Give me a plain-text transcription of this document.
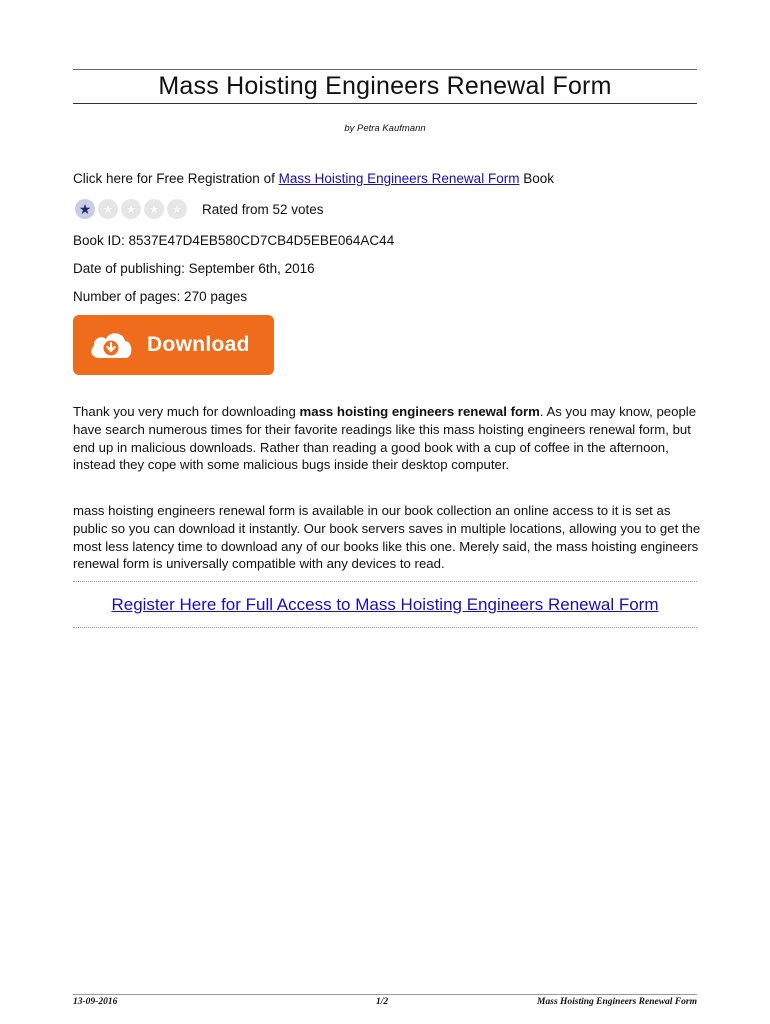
Mass Hoisting Engineers Renewal Form
by Petra Kaufmann
Click here for Free Registration of Mass Hoisting Engineers Renewal Form Book
★ ★ ★ ★ ★ Rated from 52 votes
Book ID: 8537E47D4EB580CD7CB4D5EBE064AC44
Date of publishing: September 6th, 2016
Number of pages: 270 pages
Download
Thank you very much for downloading mass hoisting engineers renewal form. As you may know, people have search numerous times for their favorite readings like this mass hoisting engineers renewal form, but end up in malicious downloads. Rather than reading a good book with a cup of coffee in the afternoon, instead they cope with some malicious bugs inside their desktop computer.
mass hoisting engineers renewal form is available in our book collection an online access to it is set as public so you can download it instantly. Our book servers saves in multiple locations, allowing you to get the most less latency time to download any of our books like this one. Merely said, the mass hoisting engineers renewal form is universally compatible with any devices to read.
Register Here for Full Access to Mass Hoisting Engineers Renewal Form
13-09-2016	1/2	Mass Hoisting Engineers Renewal Form
